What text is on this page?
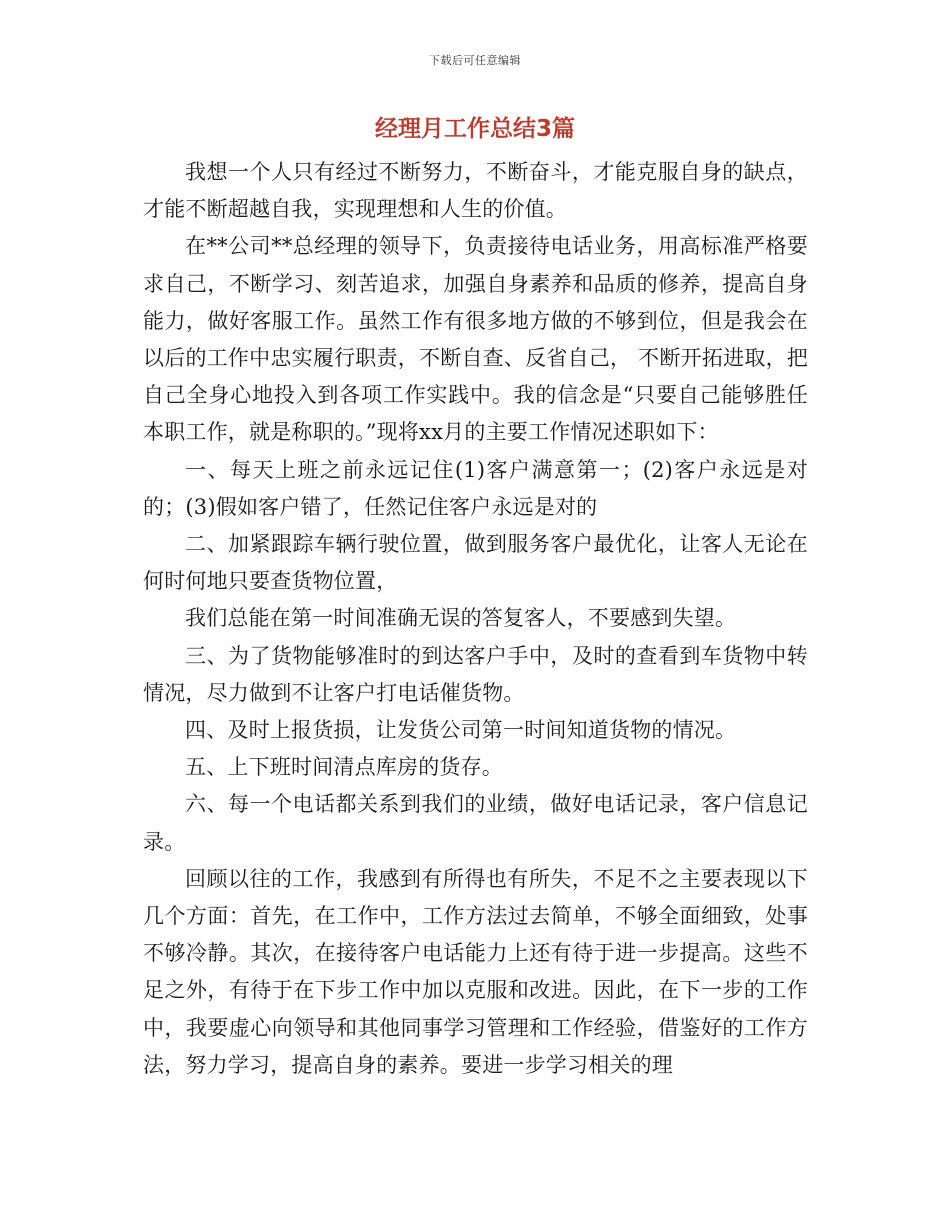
下载后可任意编辑
经理月工作总结3篇

我想一个人只有经过不断努力，不断奋斗，才能克服自身的缺点，才能不断超越自我，实现理想和人生的价值。

在**公司**总经理的领导下，负责接待电话业务，用高标准严格要求自己，不断学习、刻苦追求，加强自身素养和品质的修养，提高自身能力，做好客服工作。虽然工作有很多地方做的不够到位，但是我会在以后的工作中忠实履行职责，不断自查、反省自己， 不断开拓进取，把自己全身心地投入到各项工作实践中。我的信念是“只要自己能够胜任本职工作，就是称职的。”现将xx月的主要工作情况述职如下：

一、每天上班之前永远记住(1)客户满意第一；(2)客户永远是对的；(3)假如客户错了，任然记住客户永远是对的

二、加紧跟踪车辆行驶位置，做到服务客户最优化，让客人无论在何时何地只要查货物位置，

我们总能在第一时间准确无误的答复客人，不要感到失望。

三、为了货物能够准时的到达客户手中，及时的查看到车货物中转情况，尽力做到不让客户打电话催货物。

四、及时上报货损，让发货公司第一时间知道货物的情况。

五、上下班时间清点库房的货存。

六、每一个电话都关系到我们的业绩，做好电话记录，客户信息记录。

回顾以往的工作，我感到有所得也有所失，不足不之主要表现以下几个方面：首先，在工作中，工作方法过去简单，不够全面细致，处事不够冷静。其次，在接待客户电话能力上还有待于进一步提高。这些不足之外，有待于在下步工作中加以克服和改进。因此，在下一步的工作中，我要虚心向领导和其他同事学习管理和工作经验，借鉴好的工作方法，努力学习，提高自身的素养。要进一步学习相关的理
